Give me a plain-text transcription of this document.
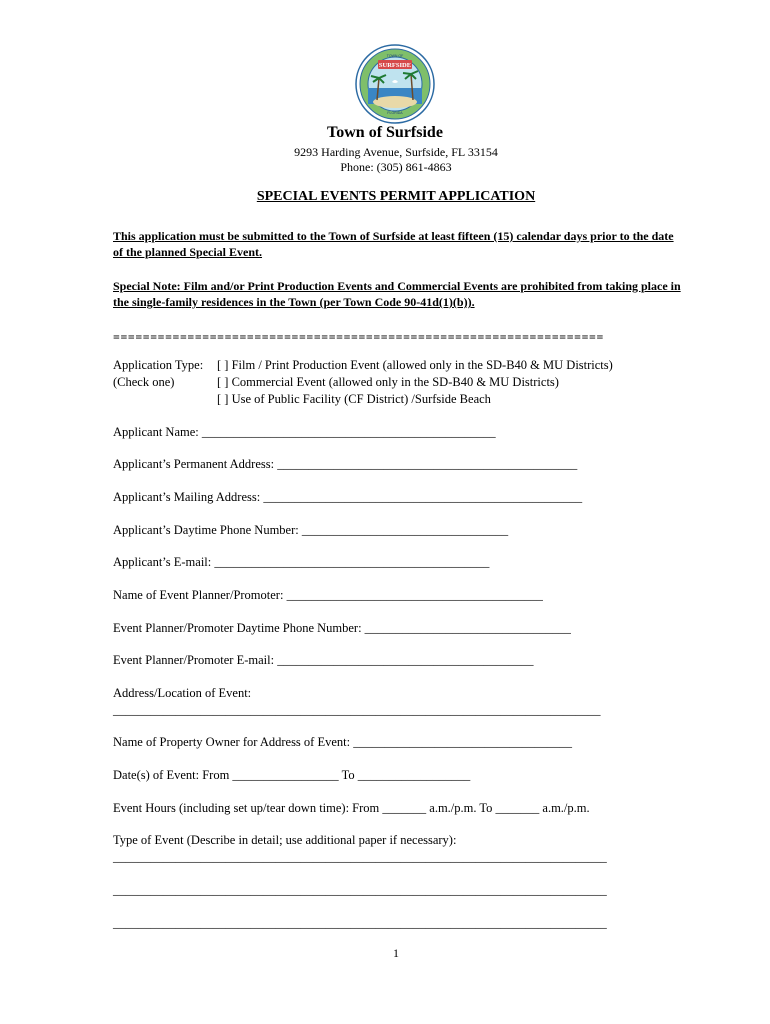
SURFSIDE
TOWN OF
FLORIDA
Town of Surfside
9293 Harding Avenue, Surfside, FL 33154
Phone: (305) 861-4863
SPECIAL EVENTS PERMIT APPLICATION
This application must be submitted to the Town of Surfside at least fifteen (15) calendar days prior to the date of the planned Special Event.
Special Note: Film and/or Print Production Events and Commercial Events are prohibited from taking place in the single-family residences in the Town (per Town Code 90-41d(1)(b)).
==================================================================
Application Type:
(Check one)
[ ] Film / Print Production Event (allowed only in the SD-B40 & MU Districts)
[ ] Commercial Event (allowed only in the SD-B40 & MU Districts)
[ ] Use of Public Facility (CF District) /Surfside Beach
Applicant Name: _______________________________________________
Applicant’s Permanent Address: ________________________________________________
Applicant’s Mailing Address: ___________________________________________________
Applicant’s Daytime Phone Number: _________________________________
Applicant’s E-mail: ____________________________________________
Name of Event Planner/Promoter: _________________________________________
Event Planner/Promoter Daytime Phone Number: _________________________________
Event Planner/Promoter E-mail: _________________________________________
Address/Location of Event:
______________________________________________________________________________
Name of Property Owner for Address of Event: ___________________________________
Date(s) of Event: From _________________ To __________________
Event Hours (including set up/tear down time): From _______ a.m./p.m. To _______ a.m./p.m.
Type of Event (Describe in detail; use additional paper if necessary):
_______________________________________________________________________________
_______________________________________________________________________________
_______________________________________________________________________________
1
